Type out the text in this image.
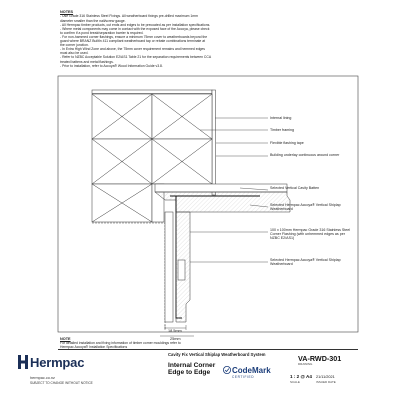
NOTES
- Use Grade 316 Stainless Steel Fixings. All weatherboard fixings pre-drilled maximum 1mm
diameter smaller than the nail/screw gauge.
- All Hermpac timber products, cut ends and edges to be precoated as per installation specifications.
- Where metal components may come in contact with the exposed face of the Accoya, please check
to confirm if a pond break/separation barrier is required.
- For non-hammed corner flashings, ensure a minimum 75mm cover to weatherboards beyond the
guard where BRANZ BuiltIn 411 compliant weatherboard tap or rebate combinations terminate at
the corner junction.
- In Extra High Wind Zone and above, the 75mm cover requirement remains and hemmed edges
must also be used.
- Refer to NZBC Acceptable Solution E2/AS1 Table 21 for the separation requirements between CCA
treated battens and metal flashings.
- Prior to installation, refer to Accoya® Wood Information Guide v3.8.
Internal lining
Timber framing
Flexible flashing tape
Building underlay continuous around corner
Selected Vertical Cavity Batten
Selected Hermpac Accoya® Vertical Shiplap Weatherboard
100 x 100mm Hermpac Grade 316 Stainless Steel Corner Flashing (with unhemmed edges as per NZBC E2/AS1)
Selected Hermpac Accoya® Vertical Shiplap Weatherboard
18.5mm
25mm
NOTE
For detailed installation and fixing information of timber corner mouldings refer to
Hermpac Accoya® Installation Specifications
Hermpac
hermpac.co.nz
SUBJECT TO CHANGE WITHOUT NOTICE
Cavity Fix Vertical Shiplap Weatherboard System
Internal Corner
Edge to Edge	CodeMark
CERTIFIED
VA-RWD-301
DRAWING
1 : 2 @ A4
SCALE
21/11/2021
ISSUED DATE
